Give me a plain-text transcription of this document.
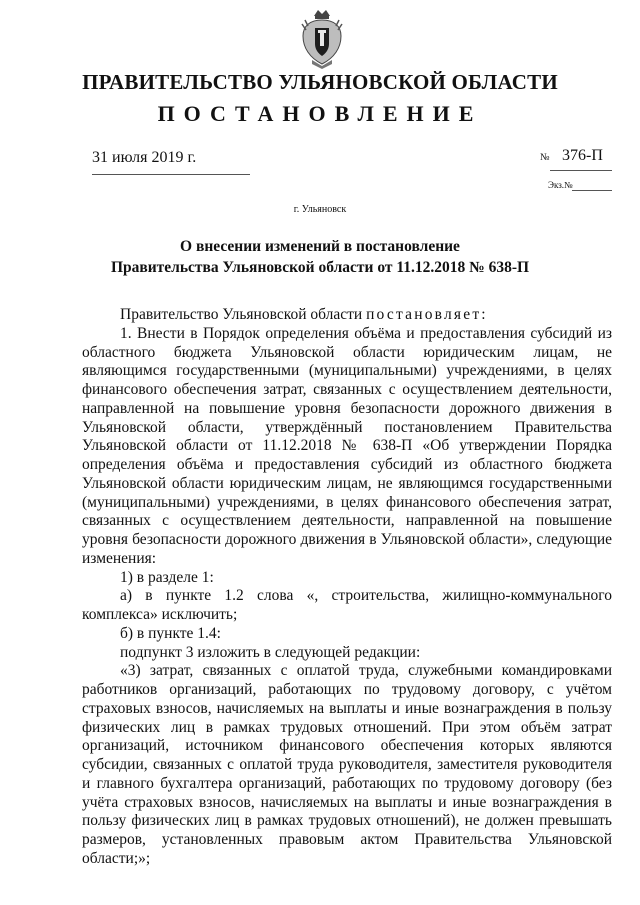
ПРАВИТЕЛЬСТВО УЛЬЯНОВСКОЙ ОБЛАСТИ
ПОСТАНОВЛЕНИЕ
31 июля 2019 г.	№ 376-П
Экз.№
г. Ульяновск
О внесении изменений в постановление
Правительства Ульяновской области от 11.12.2018 № 638-П

Правительство Ульяновской области постановляет:

1. Внести в Порядок определения объёма и предоставления субсидий из областного бюджета Ульяновской области юридическим лицам, не являющимся государственными (муниципальными) учреждениями, в целях финансового обеспечения затрат, связанных с осуществлением деятельности, направленной на повышение уровня безопасности дорожного движения в Ульяновской области, утверждённый постановлением Правительства Ульяновской области от 11.12.2018 № 638-П «Об утверждении Порядка определения объёма и предоставления субсидий из областного бюджета Ульяновской области юридическим лицам, не являющимся государственными (муниципальными) учреждениями, в целях финансового обеспечения затрат, связанных с осуществлением деятельности, направленной на повышение уровня безопасности дорожного движения в Ульяновской области», следующие изменения:

1) в разделе 1:

а) в пункте 1.2 слова «, строительства, жилищно-коммунального комплекса» исключить;

б) в пункте 1.4:

подпункт 3 изложить в следующей редакции:

«3) затрат, связанных с оплатой труда, служебными командировками работников организаций, работающих по трудовому договору, с учётом страховых взносов, начисляемых на выплаты и иные вознаграждения в пользу физических лиц в рамках трудовых отношений. При этом объём затрат организаций, источником финансового обеспечения которых являются субсидии, связанных с оплатой труда руководителя, заместителя руководителя и главного бухгалтера организаций, работающих по трудовому договору (без учёта страховых взносов, начисляемых на выплаты и иные вознаграждения в пользу физических лиц в рамках трудовых отношений), не должен превышать размеров, установленных правовым актом Правительства Ульяновской области;»;
